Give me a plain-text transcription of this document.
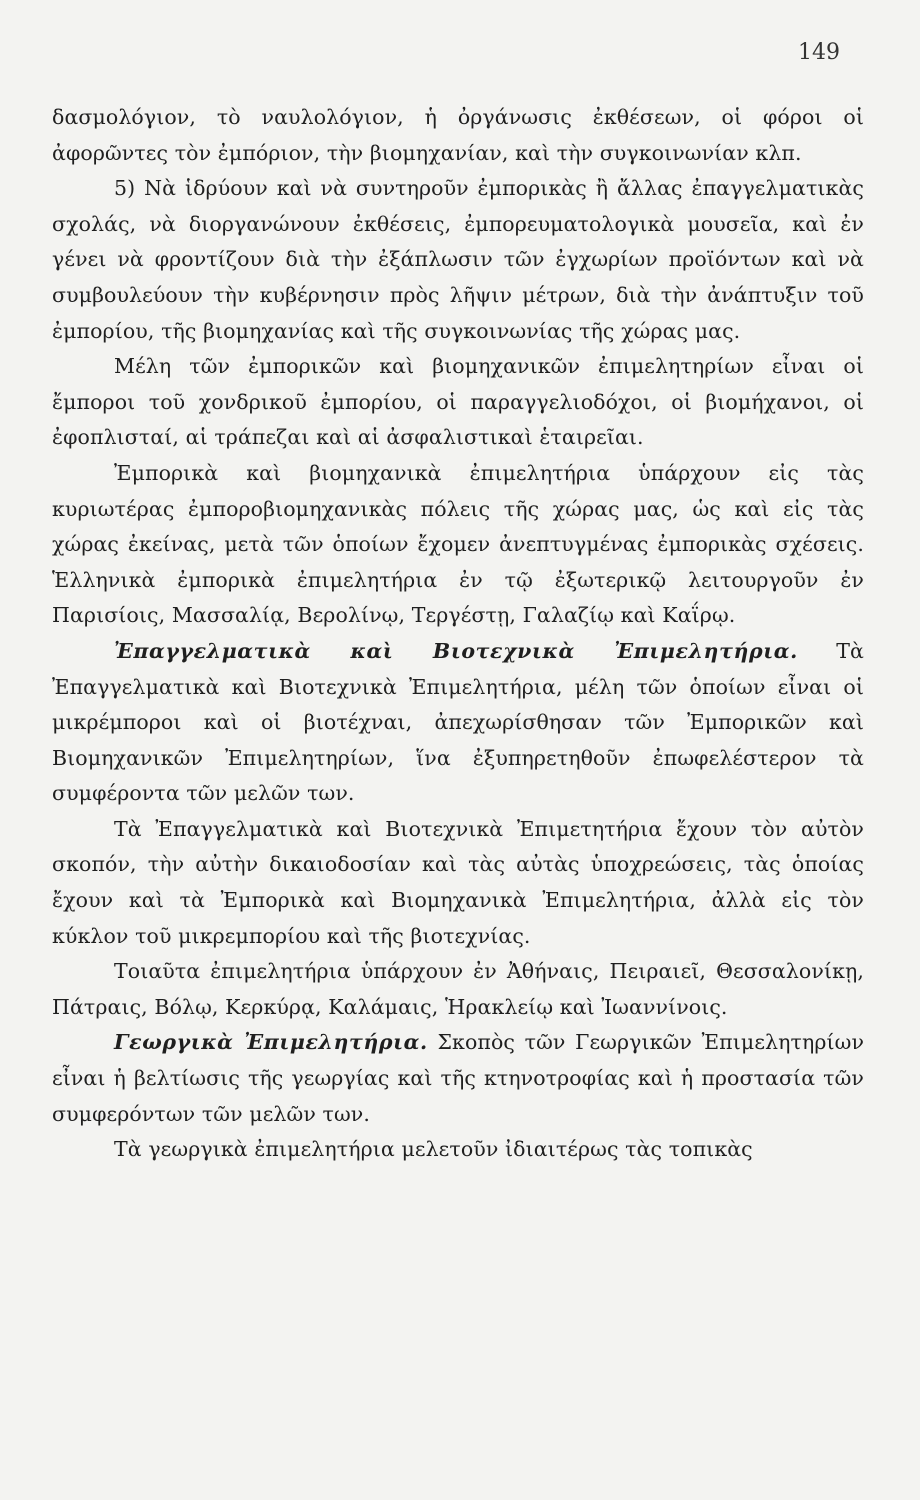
149

δασμολόγιον, τὸ ναυλολόγιον, ἡ ὀργάνωσις ἐκθέσεων, οἱ φόροι οἱ ἀφορῶντες τὸν ἐμπόριον, τὴν βιομηχανίαν, καὶ τὴν συγκοινωνίαν κλπ.

5) Νὰ ἱδρύουν καὶ νὰ συντηροῦν ἐμπορικὰς ἢ ἄλλας ἐπαγγελματικὰς σχολάς, νὰ διοργανώνουν ἐκθέσεις, ἐμπορευματολογικὰ μουσεῖα, καὶ ἐν γένει νὰ φροντίζουν διὰ τὴν ἐξάπλωσιν τῶν ἐγχωρίων προϊόντων καὶ νὰ συμβουλεύουν τὴν κυβέρνησιν πρὸς λῆψιν μέτρων, διὰ τὴν ἀνάπτυξιν τοῦ ἐμπορίου, τῆς βιομηχανίας καὶ τῆς συγκοινωνίας τῆς χώρας μας.

Μέλη τῶν ἐμπορικῶν καὶ βιομηχανικῶν ἐπιμελητηρίων εἶναι οἱ ἔμποροι τοῦ χονδρικοῦ ἐμπορίου, οἱ παραγγελιοδόχοι, οἱ βιομήχανοι, οἱ ἐφοπλισταί, αἱ τράπεζαι καὶ αἱ ἀσφαλιστικαὶ ἑταιρεῖαι.

Ἐμπορικὰ καὶ βιομηχανικὰ ἐπιμελητήρια ὑπάρχουν εἰς τὰς κυριωτέρας ἐμποροβιομηχανικὰς πόλεις τῆς χώρας μας, ὡς καὶ εἰς τὰς χώρας ἐκείνας, μετὰ τῶν ὁποίων ἔχομεν ἀνεπτυγμένας ἐμπορικὰς σχέσεις. Ἑλληνικὰ ἐμπορικὰ ἐπιμελητήρια ἐν τῷ ἐξωτερικῷ λειτουργοῦν ἐν Παρισίοις, Μασσαλίᾳ, Βερολίνῳ, Τεργέστῃ, Γαλαζίῳ καὶ Καΐρῳ.

Ἐπαγγελματικὰ καὶ Βιοτεχνικὰ Ἐπιμελητήρια. Τὰ Ἐπαγγελματικὰ καὶ Βιοτεχνικὰ Ἐπιμελητήρια, μέλη τῶν ὁποίων εἶναι οἱ μικρέμποροι καὶ οἱ βιοτέχναι, ἀπεχωρίσθησαν τῶν Ἐμπορικῶν καὶ Βιομηχανικῶν Ἐπιμελητηρίων, ἵνα ἐξυπηρετηθοῦν ἐπωφελέστερον τὰ συμφέροντα τῶν μελῶν των.

Τὰ Ἐπαγγελματικὰ καὶ Βιοτεχνικὰ Ἐπιμετητήρια ἔχουν τὸν αὐτὸν σκοπόν, τὴν αὐτὴν δικαιοδοσίαν καὶ τὰς αὐτὰς ὑποχρεώσεις, τὰς ὁποίας ἔχουν καὶ τὰ Ἐμπορικὰ καὶ Βιομηχανικὰ Ἐπιμελητήρια, ἀλλὰ εἰς τὸν κύκλον τοῦ μικρεμπορίου καὶ τῆς βιοτεχνίας.

Τοιαῦτα ἐπιμελητήρια ὑπάρχουν ἐν Ἀθήναις, Πειραιεῖ, Θεσσαλονίκῃ, Πάτραις, Βόλῳ, Κερκύρᾳ, Καλάμαις, Ἡρακλείῳ καὶ Ἰωαννίνοις.

Γεωργικὰ Ἐπιμελητήρια. Σκοπὸς τῶν Γεωργικῶν Ἐπιμελητηρίων εἶναι ἡ βελτίωσις τῆς γεωργίας καὶ τῆς κτηνοτροφίας καὶ ἡ προστασία τῶν συμφερόντων τῶν μελῶν των.

Τὰ γεωργικὰ ἐπιμελητήρια μελετοῦν ἰδιαιτέρως τὰς τοπικὰς
